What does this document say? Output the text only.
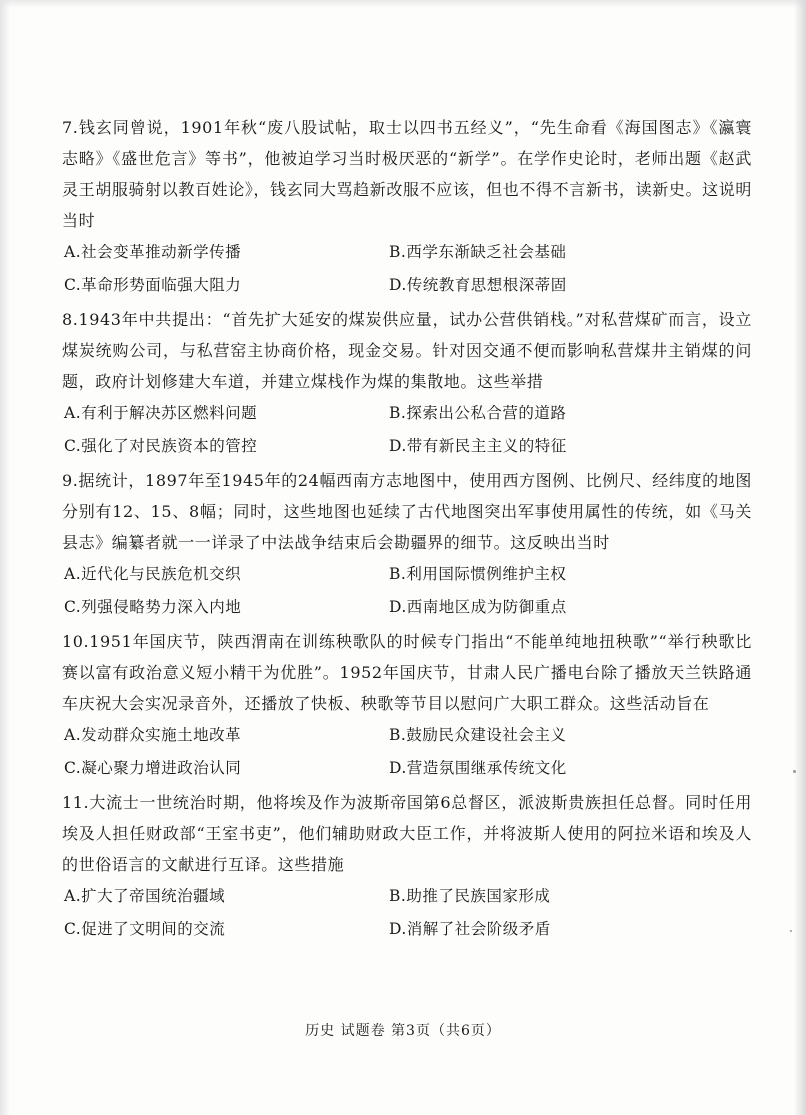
7.钱玄同曾说，1901年秋“废八股试帖，取士以四书五经义”，“先生命看《海国图志》《瀛寰志略》《盛世危言》等书”，他被迫学习当时极厌恶的“新学”。在学作史论时，老师出题《赵武灵王胡服骑射以教百姓论》，钱玄同大骂趋新改服不应该，但也不得不言新书，读新史。这说明当时

A.社会变革推动新学传播	B.西学东渐缺乏社会基础
C.革命形势面临强大阻力	D.传统教育思想根深蒂固

8.1943年中共提出：“首先扩大延安的煤炭供应量，试办公营供销栈。”对私营煤矿而言，设立煤炭统购公司，与私营窑主协商价格，现金交易。针对因交通不便而影响私营煤井主销煤的问题，政府计划修建大车道，并建立煤栈作为煤的集散地。这些举措

A.有利于解决苏区燃料问题	B.探索出公私合营的道路
C.强化了对民族资本的管控	D.带有新民主主义的特征

9.据统计，1897年至1945年的24幅西南方志地图中，使用西方图例、比例尺、经纬度的地图分别有12、15、8幅；同时，这些地图也延续了古代地图突出军事使用属性的传统，如《马关县志》编纂者就一一详录了中法战争结束后会勘疆界的细节。这反映出当时

A.近代化与民族危机交织	B.利用国际惯例维护主权
C.列强侵略势力深入内地	D.西南地区成为防御重点

10.1951年国庆节，陕西渭南在训练秧歌队的时候专门指出“不能单纯地扭秧歌”“举行秧歌比赛以富有政治意义短小精干为优胜”。1952年国庆节，甘肃人民广播电台除了播放天兰铁路通车庆祝大会实况录音外，还播放了快板、秧歌等节目以慰问广大职工群众。这些活动旨在

A.发动群众实施土地改革	B.鼓励民众建设社会主义
C.凝心聚力增进政治认同	D.营造氛围继承传统文化

11.大流士一世统治时期，他将埃及作为波斯帝国第6总督区，派波斯贵族担任总督。同时任用埃及人担任财政部“王室书吏”，他们辅助财政大臣工作，并将波斯人使用的阿拉米语和埃及人的世俗语言的文献进行互译。这些措施

A.扩大了帝国统治疆域	B.助推了民族国家形成
C.促进了文明间的交流	D.消解了社会阶级矛盾
历史 试题卷 第3页（共6页）
